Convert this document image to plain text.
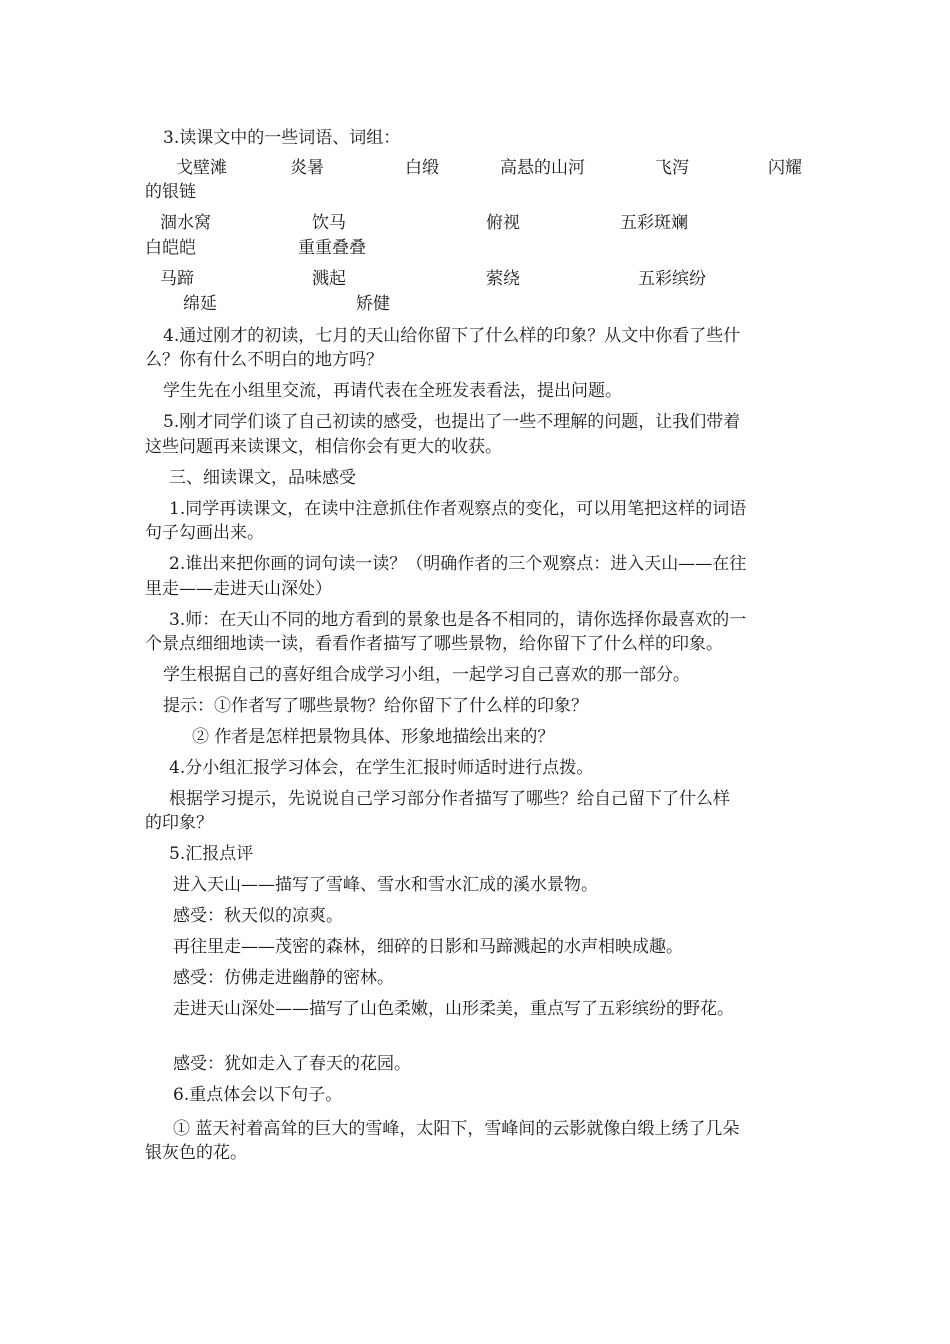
3.读课文中的一些词语、词组：
戈壁滩	炎暑	白缎	高悬的山河	飞泻	闪耀
的银链
涸水窝	饮马	俯视	五彩斑斓
白皑皑	重重叠叠
马蹄	溅起	萦绕	五彩缤纷
绵延	矫健
4.通过刚才的初读，七月的天山给你留下了什么样的印象？从文中你看了些什
么？你有什么不明白的地方吗？
学生先在小组里交流，再请代表在全班发表看法，提出问题。
5.刚才同学们谈了自己初读的感受，也提出了一些不理解的问题，让我们带着
这些问题再来读课文，相信你会有更大的收获。
三、细读课文，品味感受
1.同学再读课文，在读中注意抓住作者观察点的变化，可以用笔把这样的词语
句子勾画出来。
2.谁出来把你画的词句读一读？（明确作者的三个观察点：进入天山——在往
里走——走进天山深处）
3.师：在天山不同的地方看到的景象也是各不相同的，请你选择你最喜欢的一
个景点细细地读一读，看看作者描写了哪些景物，给你留下了什么样的印象。
学生根据自己的喜好组合成学习小组，一起学习自己喜欢的那一部分。
提示：①作者写了哪些景物？给你留下了什么样的印象？
② 作者是怎样把景物具体、形象地描绘出来的？
4.分小组汇报学习体会，在学生汇报时师适时进行点拨。
根据学习提示，先说说自己学习部分作者描写了哪些？给自己留下了什么样
的印象？
5.汇报点评
进入天山——描写了雪峰、雪水和雪水汇成的溪水景物。
感受：秋天似的凉爽。
再往里走——茂密的森林，细碎的日影和马蹄溅起的水声相映成趣。
感受：仿佛走进幽静的密林。
走进天山深处——描写了山色柔嫩，山形柔美，重点写了五彩缤纷的野花。
感受：犹如走入了春天的花园。
6.重点体会以下句子。
① 蓝天衬着高耸的巨大的雪峰，太阳下，雪峰间的云影就像白缎上绣了几朵
银灰色的花。
